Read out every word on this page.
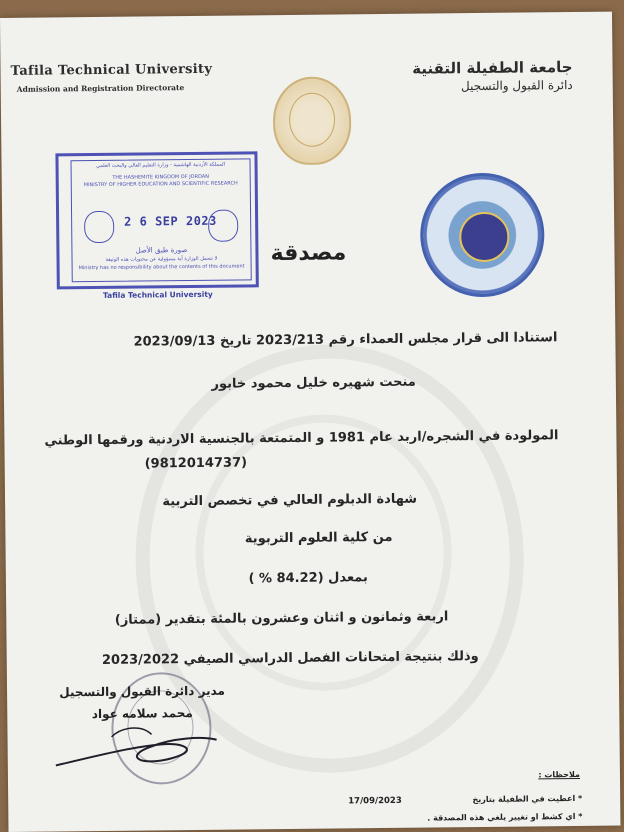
Tafila Technical University
Admission and Registration Directorate
جامعة الطفيلة التقنية
دائرة القبول والتسجيل
المملكة الأردنية الهاشمية - وزارة التعليم العالي والبحث العلمي
THE HASHEMITE KINGDOM OF JORDAN
MINISTRY OF HIGHER EDUCATION AND SCIENTIFIC RESEARCH
2 6 SEP 2023
صورة طبق الأصل
لا تتحمل الوزارة أية مسؤولية عن محتويات هذه الوثيقة
Ministry has no responsibility about the contents of this document
Tafila Technical University
مصدقة
استنادا الى قرار مجلس العمداء رقم 2023/213 تاريخ 2023/09/13
منحت شهيره خليل محمود خابور
المولودة في الشجره/اربد عام 1981 و المتمتعة بالجنسية الاردنية ورقمها الوطني
(9812014737)
شهادة الدبلوم العالي في تخصص التربية
من كلية العلوم التربوية
بمعدل (84.22 % )
اربعة وثمانون و اثنان وعشرون بالمئة بتقدير (ممتاز)
وذلك بنتيجة امتحانات الفصل الدراسي الصيفي 2023/2022
مدير دائرة القبول والتسجيل
محمد سلامه عواد
ملاحظات :
* اعطيت في الطفيلة بتاريخ
17/09/2023
* اي كشط او تغيير يلغي هذه المصدقة .
